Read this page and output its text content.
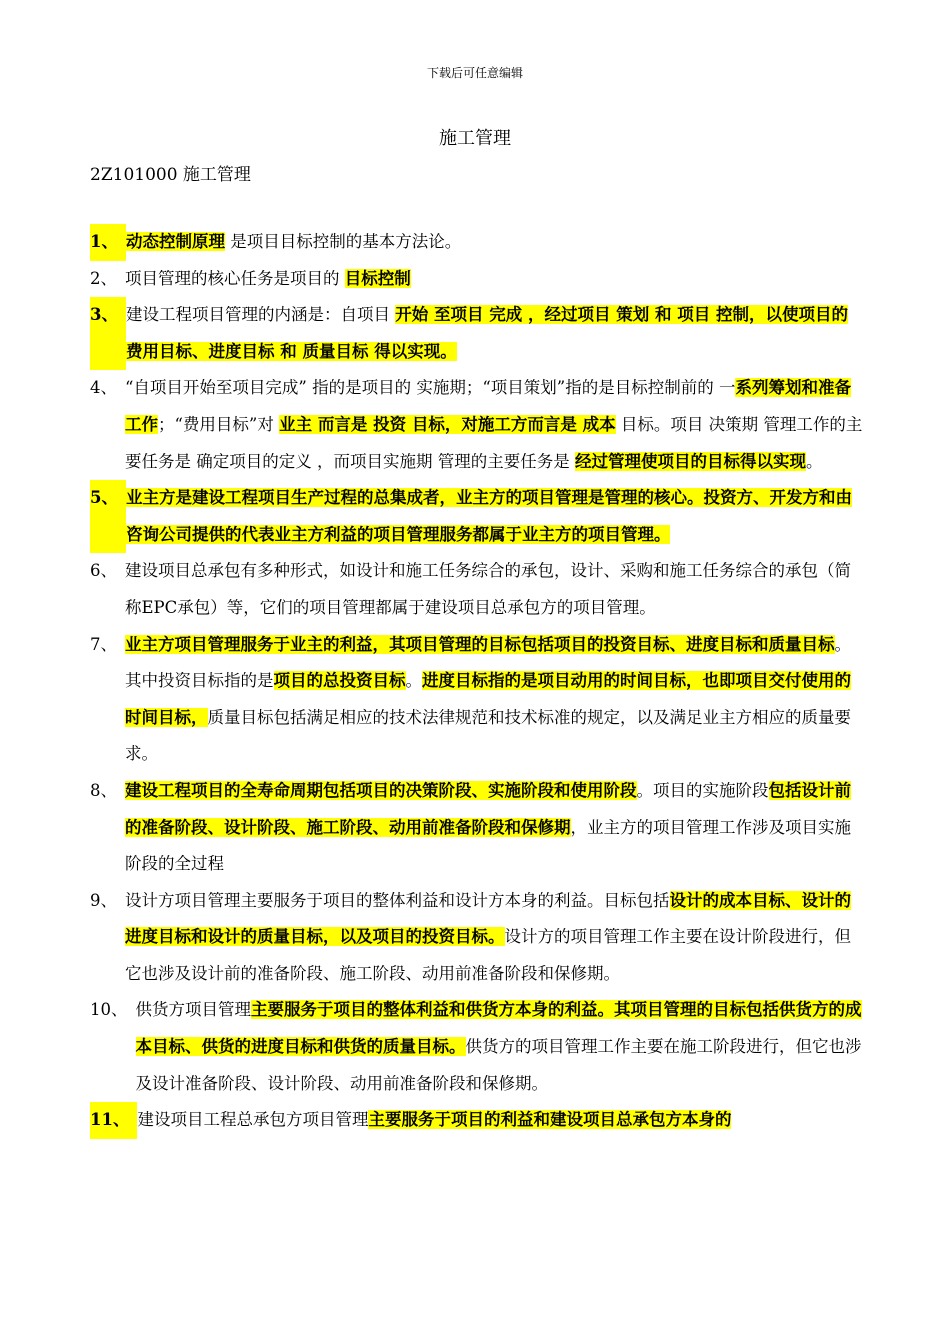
下载后可任意编辑
施工管理
2Z101000 施工管理
1、 动态控制原理 是项目目标控制的基本方法论。
2、 项目管理的核心任务是项目的 目标控制
3、 建设工程项目管理的内涵是：自项目 开始 至项目 完成 ，经过项目 策划 和 项目 控制，以使项目的 费用目标、进度目标 和 质量目标 得以实现。
4、 “自项目开始至项目完成” 指的是项目的 实施期；“项目策划”指的是目标控制前的 一系列筹划和准备工作；“费用目标”对 业主 而言是 投资 目标，对施工方而言是 成本 目标。项目 决策期 管理工作的主要任务是 确定项目的定义 ，而项目实施期 管理的主要任务是 经过管理使项目的目标得以实现。
5、 业主方是建设工程项目生产过程的总集成者，业主方的项目管理是管理的核心。投资方、开发方和由咨询公司提供的代表业主方利益的项目管理服务都属于业主方的项目管理。
6、 建设项目总承包有多种形式，如设计和施工任务综合的承包，设计、采购和施工任务综合的承包（简称EPC承包）等，它们的项目管理都属于建设项目总承包方的项目管理。
7、 业主方项目管理服务于业主的利益，其项目管理的目标包括项目的投资目标、进度目标和质量目标。其中投资目标指的是项目的总投资目标。进度目标指的是项目动用的时间目标，也即项目交付使用的时间目标，质量目标包括满足相应的技术法律规范和技术标准的规定，以及满足业主方相应的质量要求。
8、 建设工程项目的全寿命周期包括项目的决策阶段、实施阶段和使用阶段。项目的实施阶段包括设计前的准备阶段、设计阶段、施工阶段、动用前准备阶段和保修期，业主方的项目管理工作涉及项目实施阶段的全过程
9、 设计方项目管理主要服务于项目的整体利益和设计方本身的利益。目标包括设计的成本目标、设计的进度目标和设计的质量目标，以及项目的投资目标。设计方的项目管理工作主要在设计阶段进行，但它也涉及设计前的准备阶段、施工阶段、动用前准备阶段和保修期。
10、 供货方项目管理主要服务于项目的整体利益和供货方本身的利益。其项目管理的目标包括供货方的成本目标、供货的进度目标和供货的质量目标。供货方的项目管理工作主要在施工阶段进行，但它也涉及设计准备阶段、设计阶段、动用前准备阶段和保修期。
11、 建设项目工程总承包方项目管理主要服务于项目的利益和建设项目总承包方本身的
